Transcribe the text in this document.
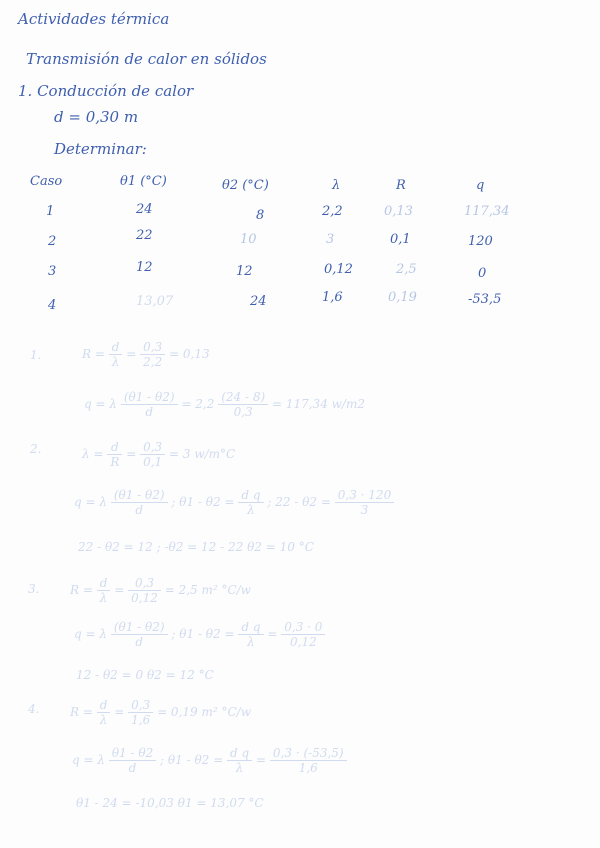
Actividades térmica
Transmisión de calor en sólidos
1. Conducción de calor
d = 0,30 m
Determinar:
Caso	θ1 (°C)	θ2 (°C)	λ	R	q
1	24	8	2,2	0,13	117,34
2	22	10	3	0,1	120
3	12	12	0,12	2,5	0
4	13,07	24	1,6	0,19	-53,5
1.	$R = \frac{d}{\lambda} = \frac{0,3}{2,2} = 0,13$
q = λ $\frac{(\theta 1 - \theta 2)}{d} = 2,2 \frac{(24 - 8)}{0,3} = 117,34$ w/m2
2.	$\lambda = \frac{d}{R} = \frac{0,3}{0,1} = 3$ w/m°C
q = λ $\frac{(\theta 1 - \theta 2)}{d}$ ; $\theta 1 - \theta 2 = \frac{\text{d q}}{\lambda}$ ; $22 - \theta 2 = \frac{0,3 \cdot 120}{3}$
22 - θ2 = 12 ; -θ2 = 12 - 22 θ2 = 10 °C
3.	$R = \frac{d}{\lambda} = \frac{0,3}{0,12} = 2,5$ m² °C/w
q = λ $\frac{(\theta 1 - \theta 2)}{d}$ ; $\theta 1 - \theta 2 = \frac{\text{d q}}{\lambda} = \frac{0,3 \cdot 0}{0,12}$
12 - θ2 = 0 θ2 = 12 °C
4.	$R = \frac{d}{\lambda} = \frac{0,3}{1,6} = 0,19$ m² °C/w
q = λ $\frac{\theta 1 - \theta 2}{d}$ ; $\theta 1 - \theta 2 = \frac{\text{d q}}{\lambda} = \frac{0,3 \cdot (-53,5)}{1,6}$
θ1 - 24 = -10,03 θ1 = 13,07 °C
